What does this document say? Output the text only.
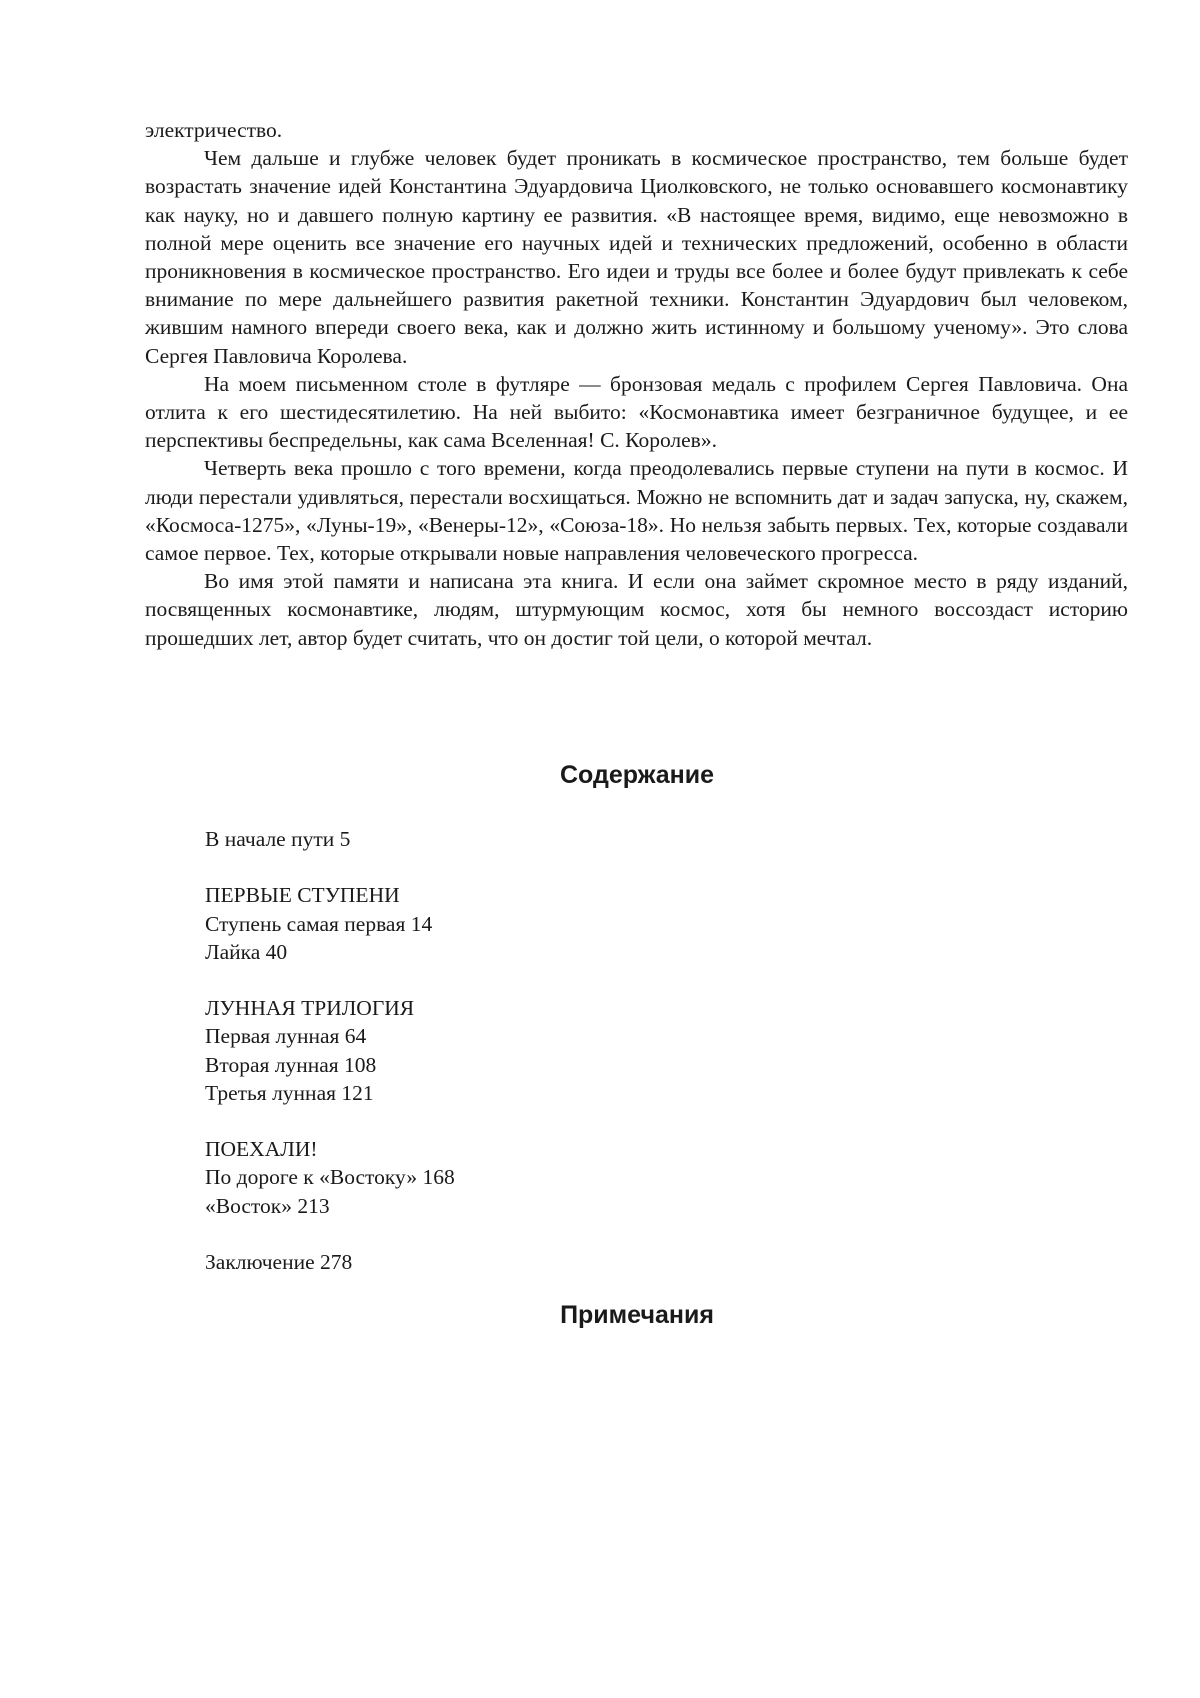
электричество.

Чем дальше и глубже человек будет проникать в космическое пространство, тем больше будет возрастать значение идей Константина Эдуардовича Циолковского, не только основавшего космонавтику как науку, но и давшего полную картину ее развития. «В настоящее время, видимо, еще невозможно в полной мере оценить все значение его научных идей и технических предложений, особенно в области проникновения в космическое пространство. Его идеи и труды все более и более будут привлекать к себе внимание по мере дальнейшего развития ракетной техники. Константин Эдуардович был человеком, жившим намного впереди своего века, как и должно жить истинному и большому ученому». Это слова Сергея Павловича Королева.

На моем письменном столе в футляре — бронзовая медаль с профилем Сергея Павловича. Она отлита к его шестидесятилетию. На ней выбито: «Космонавтика имеет безграничное будущее, и ее перспективы беспредельны, как сама Вселенная! С. Королев».

Четверть века прошло с того времени, когда преодолевались первые ступени на пути в космос. И люди перестали удивляться, перестали восхищаться. Можно не вспомнить дат и задач запуска, ну, скажем, «Космоса-1275», «Луны-19», «Венеры-12», «Союза-18». Но нельзя забыть первых. Тех, которые создавали самое первое. Тех, которые открывали новые направления человеческого прогресса.

Во имя этой памяти и написана эта книга. И если она займет скромное место в ряду изданий, посвященных космонавтике, людям, штурмующим космос, хотя бы немного воссоздаст историю прошедших лет, автор будет считать, что он достиг той цели, о которой мечтал.

Содержание
В начале пути 5
ПЕРВЫЕ СТУПЕНИ
Ступень самая первая 14
Лайка 40
ЛУННАЯ ТРИЛОГИЯ
Первая лунная 64
Вторая лунная 108
Третья лунная 121
ПОЕХАЛИ!
По дороге к «Востоку» 168
«Восток» 213
Заключение 278
Примечания
